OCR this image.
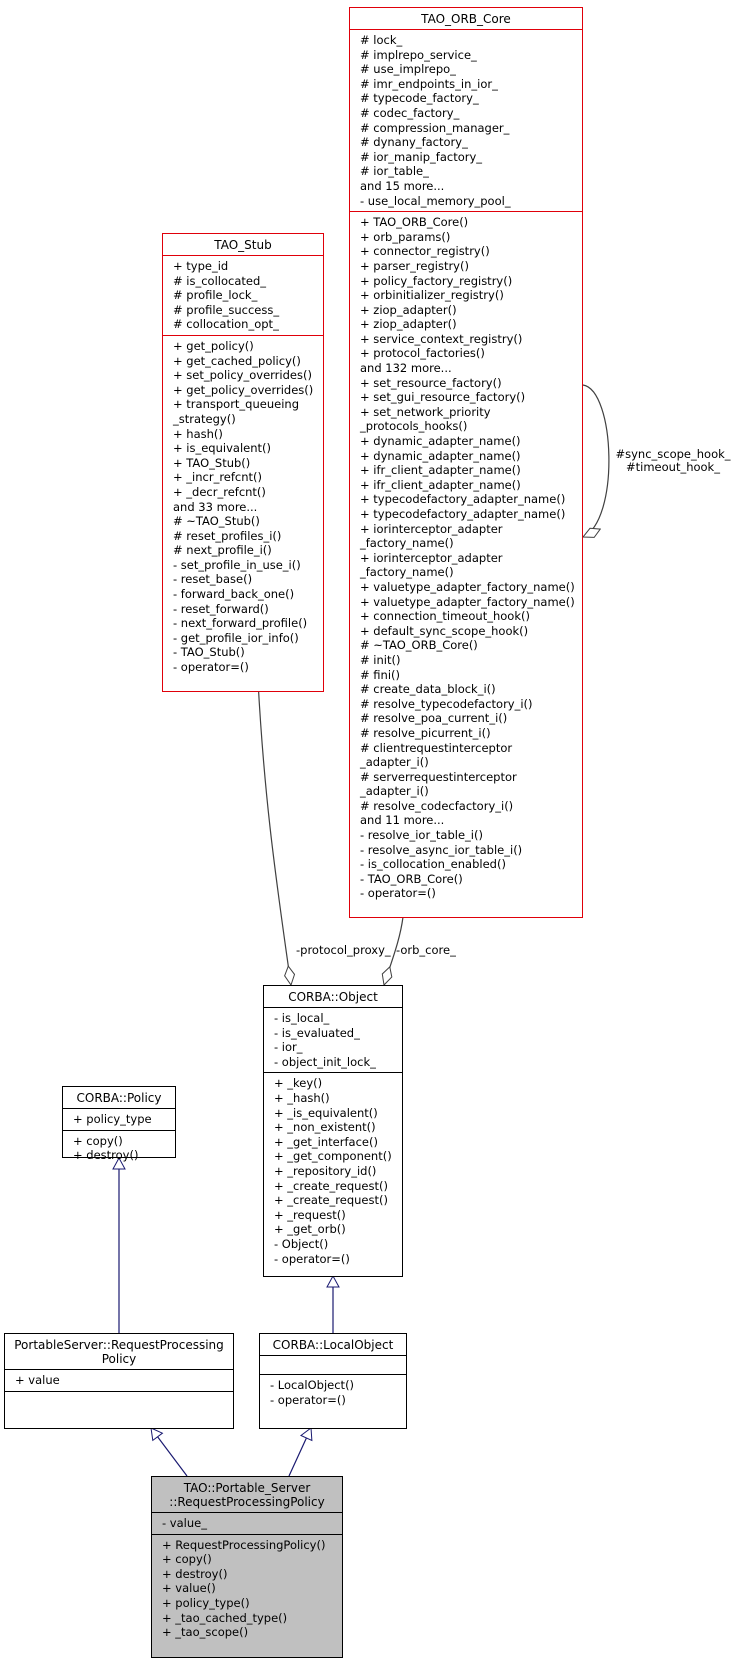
TAO_ORB_Core
# lock_
# implrepo_service_
# use_implrepo_
# imr_endpoints_in_ior_
# typecode_factory_
# codec_factory_
# compression_manager_
# dynany_factory_
# ior_manip_factory_
# ior_table_
and 15 more...
- use_local_memory_pool_
+ TAO_ORB_Core()
+ orb_params()
+ connector_registry()
+ parser_registry()
+ policy_factory_registry()
+ orbinitializer_registry()
+ ziop_adapter()
+ ziop_adapter()
+ service_context_registry()
+ protocol_factories()
and 132 more...
+ set_resource_factory()
+ set_gui_resource_factory()
+ set_network_priority
_protocols_hooks()
+ dynamic_adapter_name()
+ dynamic_adapter_name()
+ ifr_client_adapter_name()
+ ifr_client_adapter_name()
+ typecodefactory_adapter_name()
+ typecodefactory_adapter_name()
+ iorinterceptor_adapter
_factory_name()
+ iorinterceptor_adapter
_factory_name()
+ valuetype_adapter_factory_name()
+ valuetype_adapter_factory_name()
+ connection_timeout_hook()
+ default_sync_scope_hook()
# ~TAO_ORB_Core()
# init()
# fini()
# create_data_block_i()
# resolve_typecodefactory_i()
# resolve_poa_current_i()
# resolve_picurrent_i()
# clientrequestinterceptor
_adapter_i()
# serverrequestinterceptor
_adapter_i()
# resolve_codecfactory_i()
and 11 more...
- resolve_ior_table_i()
- resolve_async_ior_table_i()
- is_collocation_enabled()
- TAO_ORB_Core()
- operator=()
TAO_Stub
+ type_id
# is_collocated_
# profile_lock_
# profile_success_
# collocation_opt_
+ get_policy()
+ get_cached_policy()
+ set_policy_overrides()
+ get_policy_overrides()
+ transport_queueing
_strategy()
+ hash()
+ is_equivalent()
+ TAO_Stub()
+ _incr_refcnt()
+ _decr_refcnt()
and 33 more...
# ~TAO_Stub()
# reset_profiles_i()
# next_profile_i()
- set_profile_in_use_i()
- reset_base()
- forward_back_one()
- reset_forward()
- next_forward_profile()
- get_profile_ior_info()
- TAO_Stub()
- operator=()
CORBA::Object
- is_local_
- is_evaluated_
- ior_
- object_init_lock_
+ _key()
+ _hash()
+ _is_equivalent()
+ _non_existent()
+ _get_interface()
+ _get_component()
+ _repository_id()
+ _create_request()
+ _create_request()
+ _request()
+ _get_orb()
- Object()
- operator=()
CORBA::Policy
+ policy_type
+ copy()
+ destroy()
PortableServer::RequestProcessing
Policy
+ value
CORBA::LocalObject
- LocalObject()
- operator=()
TAO::Portable_Server
::RequestProcessingPolicy
- value_
+ RequestProcessingPolicy()
+ copy()
+ destroy()
+ value()
+ policy_type()
+ _tao_cached_type()
+ _tao_scope()
-protocol_proxy_ -orb_core_
#sync_scope_hook_
#timeout_hook_
